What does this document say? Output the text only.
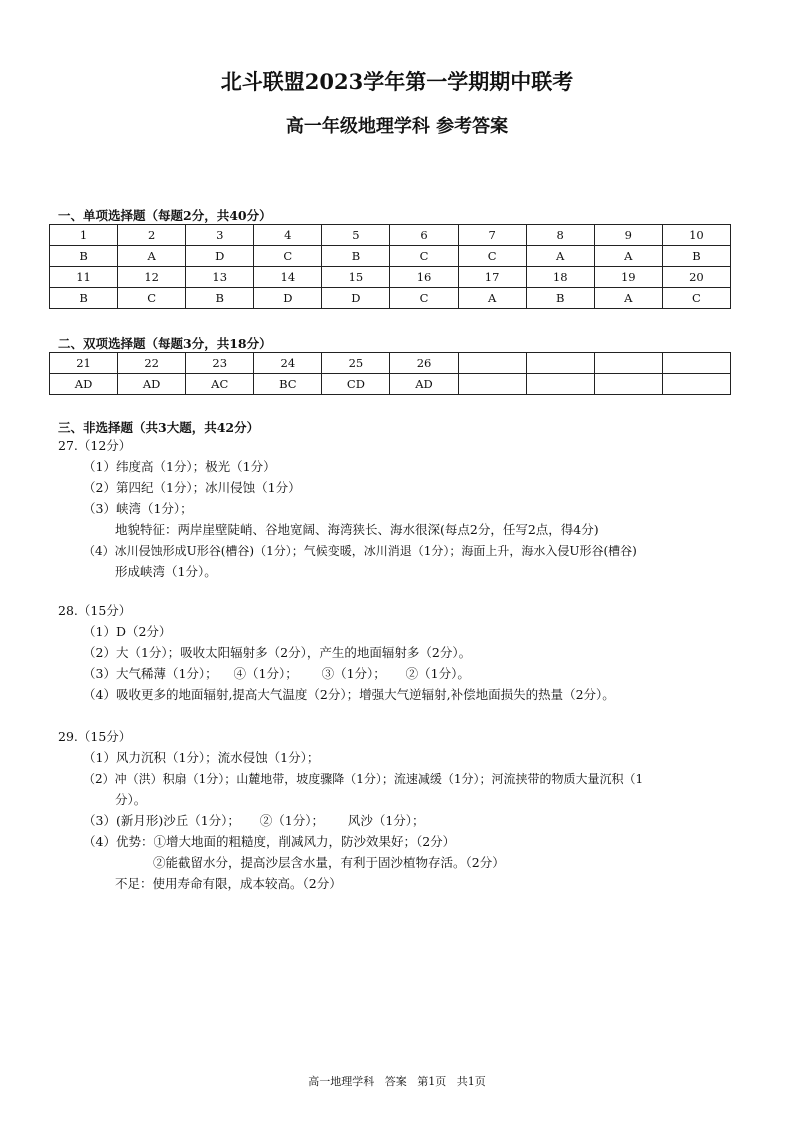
北斗联盟2023学年第一学期期中联考
高一年级地理学科 参考答案
一、单项选择题（每题2分，共40分）
1	2	3	4	5	6	7	8	9	10
B	A	D	C	B	C	C	A	A	B
11	12	13	14	15	16	17	18	19	20
B	C	B	D	D	C	A	B	A	C
二、双项选择题（每题3分，共18分）
21	22	23	24	25	26				
AD	AD	AC	BC	CD	AD				
三、非选择题（共3大题，共42分）
27.（12分）
（1）纬度高（1分）；极光（1分）
（2）第四纪（1分）；冰川侵蚀（1分）
（3）峡湾（1分）；
地貌特征：两岸崖壁陡峭、谷地宽阔、海湾狭长、海水很深(每点2分，任写2点，得4分)
（4）冰川侵蚀形成U形谷(槽谷)（1分）；气候变暖，冰川消退（1分）；海面上升，海水入侵U形谷(槽谷)
形成峡湾（1分）。
28.（15分）
（1）D（2分）
（2）大（1分）；吸收太阳辐射多（2分），产生的地面辐射多（2分）。
（3）大气稀薄（1分）；    ④（1分）；      ③（1分）；     ②（1分）。
（4）吸收更多的地面辐射,提高大气温度（2分）；增强大气逆辐射,补偿地面损失的热量（2分）。
29.（15分）
（1）风力沉积（1分）；流水侵蚀（1分）；
（2）冲（洪）积扇（1分）；山麓地带，坡度骤降（1分）；流速减缓（1分）；河流挟带的物质大量沉积（1
分）。
（3）(新月形)沙丘（1分）；     ②（1分）；      风沙（1分）；
（4）优势：①增大地面的粗糙度，削减风力，防沙效果好；（2分）
②能截留水分，提高沙层含水量，有利于固沙植物存活。（2分）
不足：使用寿命有限，成本较高。（2分）
高一地理学科   答案   第1页   共1页
